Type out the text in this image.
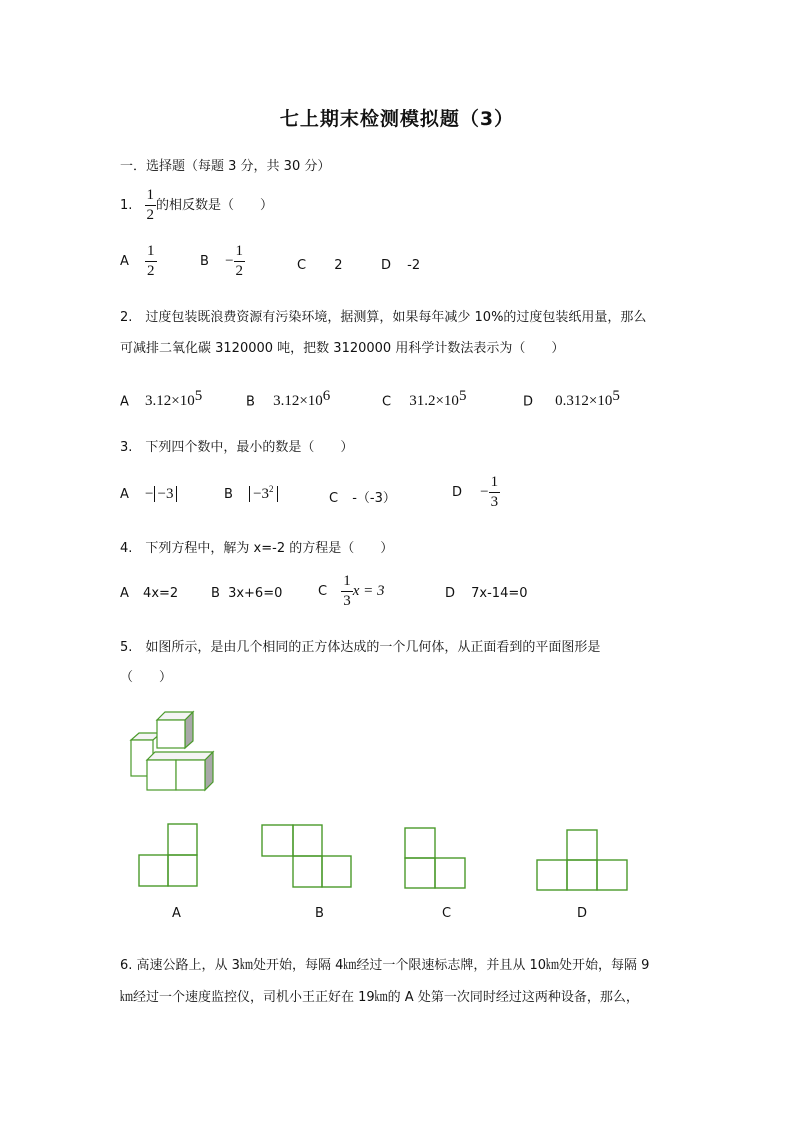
七上期末检测模拟题（3）
一．选择题（每题 3 分，共 30 分）
1. $\frac{1}{2}$ 的相反数是（　　）
A $\frac{1}{2}$	$B - \frac{1}{2}$	C 2	D -2
2.　过度包装既浪费资源有污染环境，据测算，如果每年减少 10%的过度包装纸用量，那么
可减排二氧化碳 3120000 吨，把数 3120000 用科学计数法表示为（　　）
A $3.12\times 10^5$	B $3.12\times 10^6$	C $31.2\times 10^5$	D $0.312\times 10^5$
3.　下列四个数中，最小的数是（　　）
A − −3	$B -3^2$
C -（-3）	$D - \frac{1}{3}$
4.　下列方程中，解为 x=-2 的方程是（　　）
A 4x=2	B 3x+6=0	C $\frac{1}{3}$ x = 3	D 7x-14=0
5.　如图所示，是由几个相同的正方体达成的一个几何体，从正面看到的平面图形是
（　　）
A	B	C	D
6. 高速公路上，从 3㎞处开始，每隔 4㎞经过一个限速标志牌，并且从 10㎞处开始，每隔 9
㎞经过一个速度监控仪，司机小王正好在 19㎞的 A 处第一次同时经过这两种设备，那么，
